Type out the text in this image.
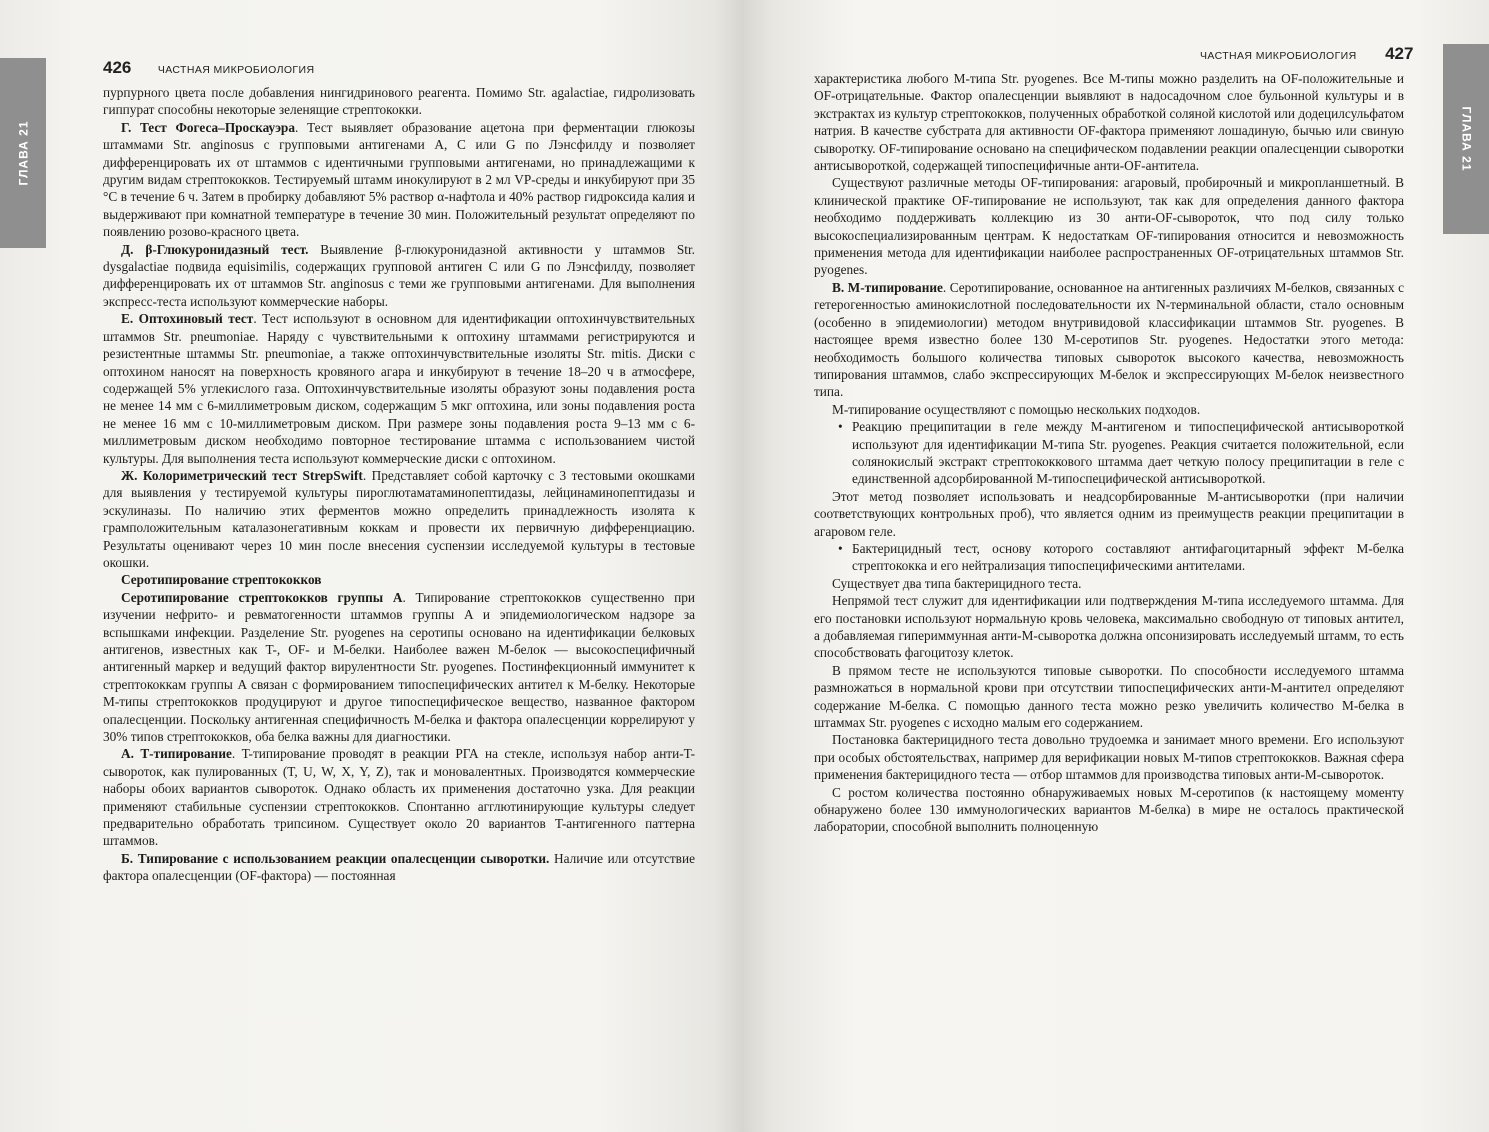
ГЛАВА 21
426	ЧАСТНАЯ МИКРОБИОЛОГИЯ

пурпурного цвета после добавления нингидринового реагента. Помимо Str. agalactiae, гидролизовать гиппурат способны некоторые зеленящие стрептококки.

Г. Тест Фогеса–Проскауэра. Тест выявляет образование ацетона при ферментации глюкозы штаммами Str. anginosus с групповыми антигенами A, C или G по Лэнсфилду и позволяет дифференцировать их от штаммов с идентичными групповыми антигенами, но принадлежащими к другим видам стрептококков. Тестируемый штамм инокулируют в 2 мл VP-среды и инкубируют при 35 °C в течение 6 ч. Затем в пробирку добавляют 5% раствор α-нафтола и 40% раствор гидроксида калия и выдерживают при комнатной температуре в течение 30 мин. Положительный результат определяют по появлению розово-красного цвета.

Д. β-Глюкуронидазный тест. Выявление β-глюкуронидазной активности у штаммов Str. dysgalactiae подвида equisimilis, содержащих групповой антиген C или G по Лэнсфилду, позволяет дифференцировать их от штаммов Str. anginosus с теми же групповыми антигенами. Для выполнения экспресс-теста используют коммерческие наборы.

Е. Оптохиновый тест. Тест используют в основном для идентификации оптохинчувствительных штаммов Str. pneumoniae. Наряду с чувствительными к оптохину штаммами регистрируются и резистентные штаммы Str. pneumoniae, а также оптохинчувствительные изоляты Str. mitis. Диски с оптохином наносят на поверхность кровяного агара и инкубируют в течение 18–20 ч в атмосфере, содержащей 5% углекислого газа. Оптохинчувствительные изоляты образуют зоны подавления роста не менее 14 мм с 6-миллиметровым диском, содержащим 5 мкг оптохина, или зоны подавления роста не менее 16 мм с 10-миллиметровым диском. При размере зоны подавления роста 9–13 мм с 6-миллиметровым диском необходимо повторное тестирование штамма с использованием чистой культуры. Для выполнения теста используют коммерческие диски с оптохином.

Ж. Колориметрический тест StrepSwift. Представляет собой карточку с 3 тестовыми окошками для выявления у тестируемой культуры пироглютаматаминопептидазы, лейцинаминопептидазы и эскулиназы. По наличию этих ферментов можно определить принадлежность изолята к грамположительным каталазонегативным коккам и провести их первичную дифференциацию. Результаты оценивают через 10 мин после внесения суспензии исследуемой культуры в тестовые окошки.

Серотипирование стрептококков

Серотипирование стрептококков группы А. Типирование стрептококков существенно при изучении нефрито- и ревматогенности штаммов группы A и эпидемиологическом надзоре за вспышками инфекции. Разделение Str. pyogenes на серотипы основано на идентификации белковых антигенов, известных как T-, OF- и M-белки. Наиболее важен M-белок — высокоспецифичный антигенный маркер и ведущий фактор вирулентности Str. pyogenes. Постинфекционный иммунитет к стрептококкам группы A связан с формированием типоспецифических антител к M-белку. Некоторые M-типы стрептококков продуцируют и другое типоспецифическое вещество, названное фактором опалесценции. Поскольку антигенная специфичность M-белка и фактора опалесценции коррелируют у 30% типов стрептококков, оба белка важны для диагностики.

А. Т-типирование. T-типирование проводят в реакции РГА на стекле, используя набор анти-T-сывороток, как пулированных (T, U, W, X, Y, Z), так и моновалентных. Производятся коммерческие наборы обоих вариантов сывороток. Однако область их применения достаточно узка. Для реакции применяют стабильные суспензии стрептококков. Спонтанно агглютинирующие культуры следует предварительно обработать трипсином. Существует около 20 вариантов T-антигенного паттерна штаммов.

Б. Типирование с использованием реакции опалесценции сыворотки. Наличие или отсутствие фактора опалесценции (OF-фактора) — постоянная

ГЛАВА 21
ЧАСТНАЯ МИКРОБИОЛОГИЯ 427

характеристика любого M-типа Str. pyogenes. Все M-типы можно разделить на OF-положительные и OF-отрицательные. Фактор опалесценции выявляют в надосадочном слое бульонной культуры и в экстрактах из культур стрептококков, полученных обработкой соляной кислотой или додецилсульфатом натрия. В качестве субстрата для активности OF-фактора применяют лошадиную, бычью или свиную сыворотку. OF-типирование основано на специфическом подавлении реакции опалесценции сыворотки антисывороткой, содержащей типоспецифичные анти-OF-антитела.

Существуют различные методы OF-типирования: агаровый, пробирочный и микропланшетный. В клинической практике OF-типирование не используют, так как для определения данного фактора необходимо поддерживать коллекцию из 30 анти-OF-сывороток, что под силу только высокоспециализированным центрам. К недостаткам OF-типирования относится и невозможность применения метода для идентификации наиболее распространенных OF-отрицательных штаммов Str. pyogenes.

В. М-типирование. Серотипирование, основанное на антигенных различиях M-белков, связанных с гетерогенностью аминокислотной последовательности их N-терминальной области, стало основным (особенно в эпидемиологии) методом внутривидовой классификации штаммов Str. pyogenes. В настоящее время известно более 130 M-серотипов Str. pyogenes. Недостатки этого метода: необходимость большого количества типовых сывороток высокого качества, невозможность типирования штаммов, слабо экспрессирующих M-белок и экспрессирующих M-белок неизвестного типа.

M-типирование осуществляют с помощью нескольких подходов.

• Реакцию преципитации в геле между M-антигеном и типоспецифической антисывороткой используют для идентификации M-типа Str. pyogenes. Реакция считается положительной, если солянокислый экстракт стрептококкового штамма дает четкую полосу преципитации в геле с единственной адсорбированной M-типоспецифической антисывороткой.

Этот метод позволяет использовать и неадсорбированные M-антисыворотки (при наличии соответствующих контрольных проб), что является одним из преимуществ реакции преципитации в агаровом геле.

• Бактерицидный тест, основу которого составляют антифагоцитарный эффект M-белка стрептококка и его нейтрализация типоспецифическими антителами.

Существует два типа бактерицидного теста.

Непрямой тест служит для идентификации или подтверждения M-типа исследуемого штамма. Для его постановки используют нормальную кровь человека, максимально свободную от типовых антител, а добавляемая гипериммунная анти-M-сыворотка должна опсонизировать исследуемый штамм, то есть способствовать фагоцитозу клеток.

В прямом тесте не используются типовые сыворотки. По способности исследуемого штамма размножаться в нормальной крови при отсутствии типоспецифических анти-M-антител определяют содержание M-белка. С помощью данного теста можно резко увеличить количество M-белка в штаммах Str. pyogenes с исходно малым его содержанием.

Постановка бактерицидного теста довольно трудоемка и занимает много времени. Его используют при особых обстоятельствах, например для верификации новых M-типов стрептококков. Важная сфера применения бактерицидного теста — отбор штаммов для производства типовых анти-M-сывороток.

С ростом количества постоянно обнаруживаемых новых M-серотипов (к настоящему моменту обнаружено более 130 иммунологических вариантов M-белка) в мире не осталось практической лаборатории, способной выполнить полноценную
